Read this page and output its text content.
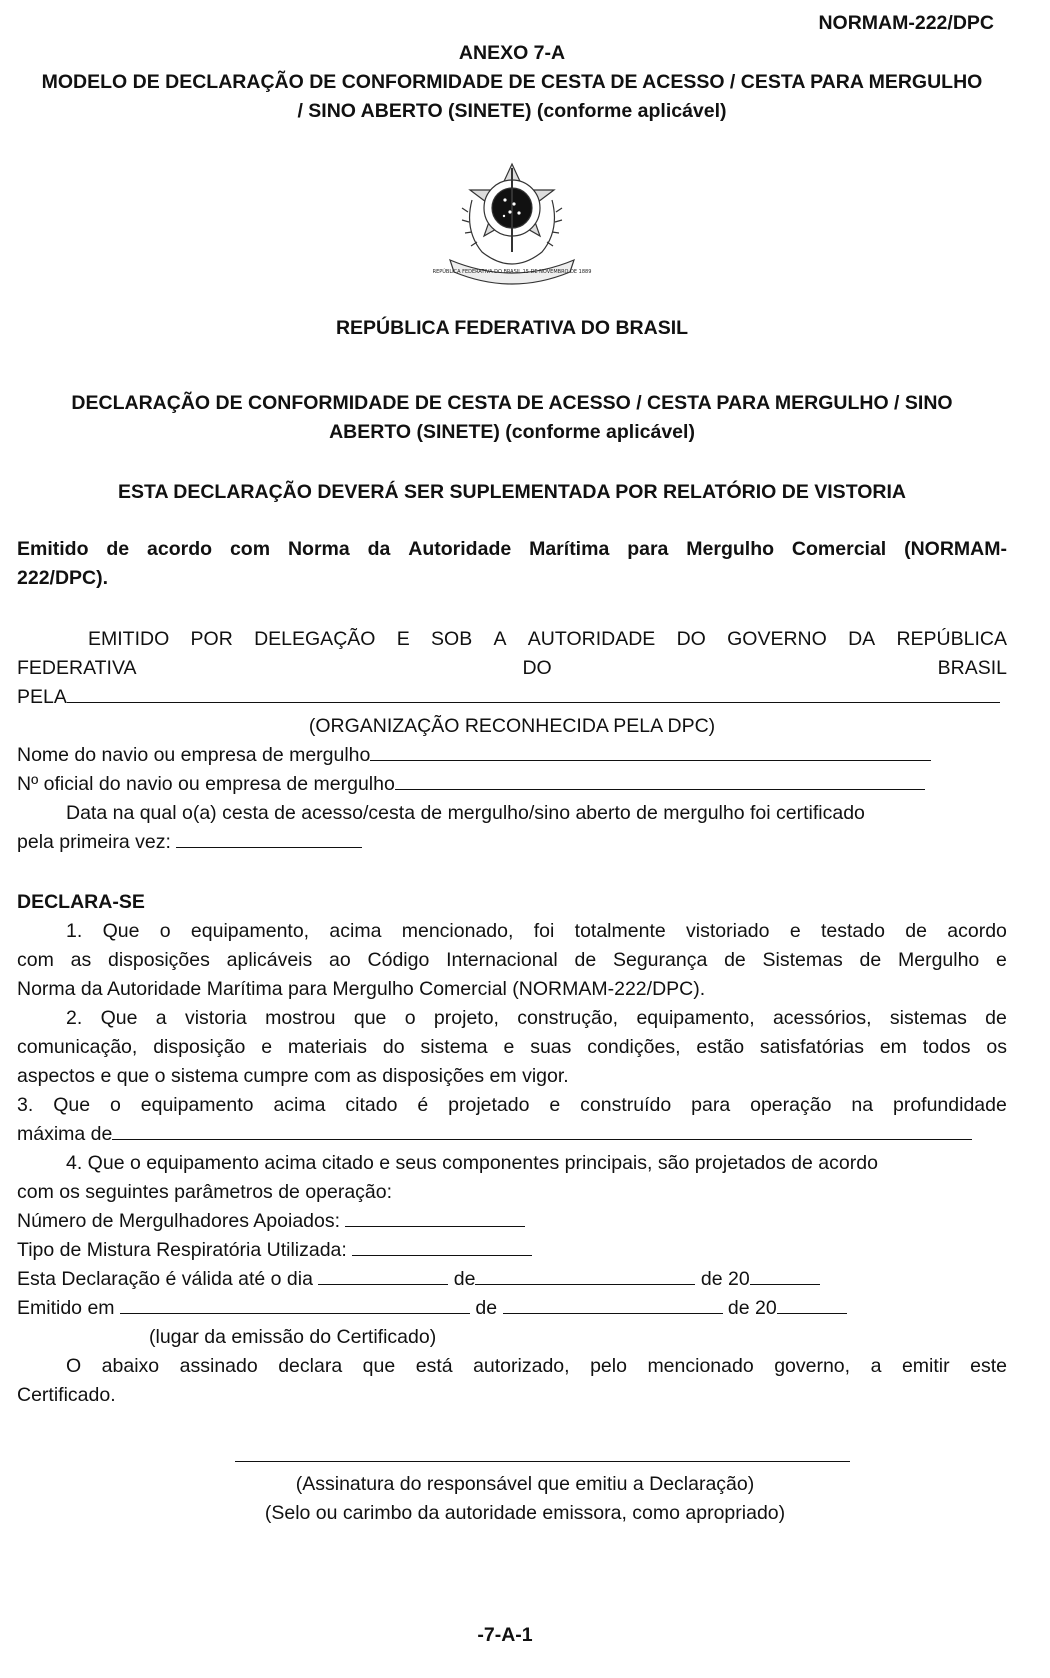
NORMAM-222/DPC
ANEXO 7-A
MODELO DE DECLARAÇÃO DE CONFORMIDADE DE CESTA DE ACESSO / CESTA PARA MERGULHO
/ SINO ABERTO (SINETE) (conforme aplicável)
REPÚBLICA FEDERATIVA DO BRASIL 15 DE NOVEMBRO DE 1889
REPÚBLICA FEDERATIVA DO BRASIL
DECLARAÇÃO DE CONFORMIDADE DE CESTA DE ACESSO / CESTA PARA MERGULHO / SINO
ABERTO (SINETE) (conforme aplicável)
ESTA DECLARAÇÃO DEVERÁ SER SUPLEMENTADA POR RELATÓRIO DE VISTORIA
Emitido de acordo com Norma da Autoridade Marítima para Mergulho Comercial (NORMAM-
222/DPC).
EMITIDO POR DELEGAÇÃO E SOB A AUTORIDADE DO GOVERNO DA REPÚBLICA
FEDERATIVA	DO	BRASIL
PELA
(ORGANIZAÇÃO RECONHECIDA PELA DPC)
Nome do navio ou empresa de mergulho
Nº oficial do navio ou empresa de mergulho
Data na qual o(a) cesta de acesso/cesta de mergulho/sino aberto de mergulho foi certificado
pela primeira vez:
DECLARA-SE
1. Que o equipamento, acima mencionado, foi totalmente vistoriado e testado de acordo
com as disposições aplicáveis ao Código Internacional de Segurança de Sistemas de Mergulho e
Norma da Autoridade Marítima para Mergulho Comercial (NORMAM-222/DPC).
2. Que a vistoria mostrou que o projeto, construção, equipamento, acessórios, sistemas de
comunicação, disposição e materiais do sistema e suas condições, estão satisfatórias em todos os
aspectos e que o sistema cumpre com as disposições em vigor.
3. Que o equipamento acima citado é projetado e construído para operação na profundidade
máxima de
4. Que o equipamento acima citado e seus componentes principais, são projetados de acordo
com os seguintes parâmetros de operação:
Número de Mergulhadores Apoiados:
Tipo de Mistura Respiratória Utilizada:
Esta Declaração é válida até o dia	de	de 20
Emitido em	de	de 20
(lugar da emissão do Certificado)
O abaixo assinado declara que está autorizado, pelo mencionado governo, a emitir este
Certificado.
(Assinatura do responsável que emitiu a Declaração)
(Selo ou carimbo da autoridade emissora, como apropriado)
-7-A-1
